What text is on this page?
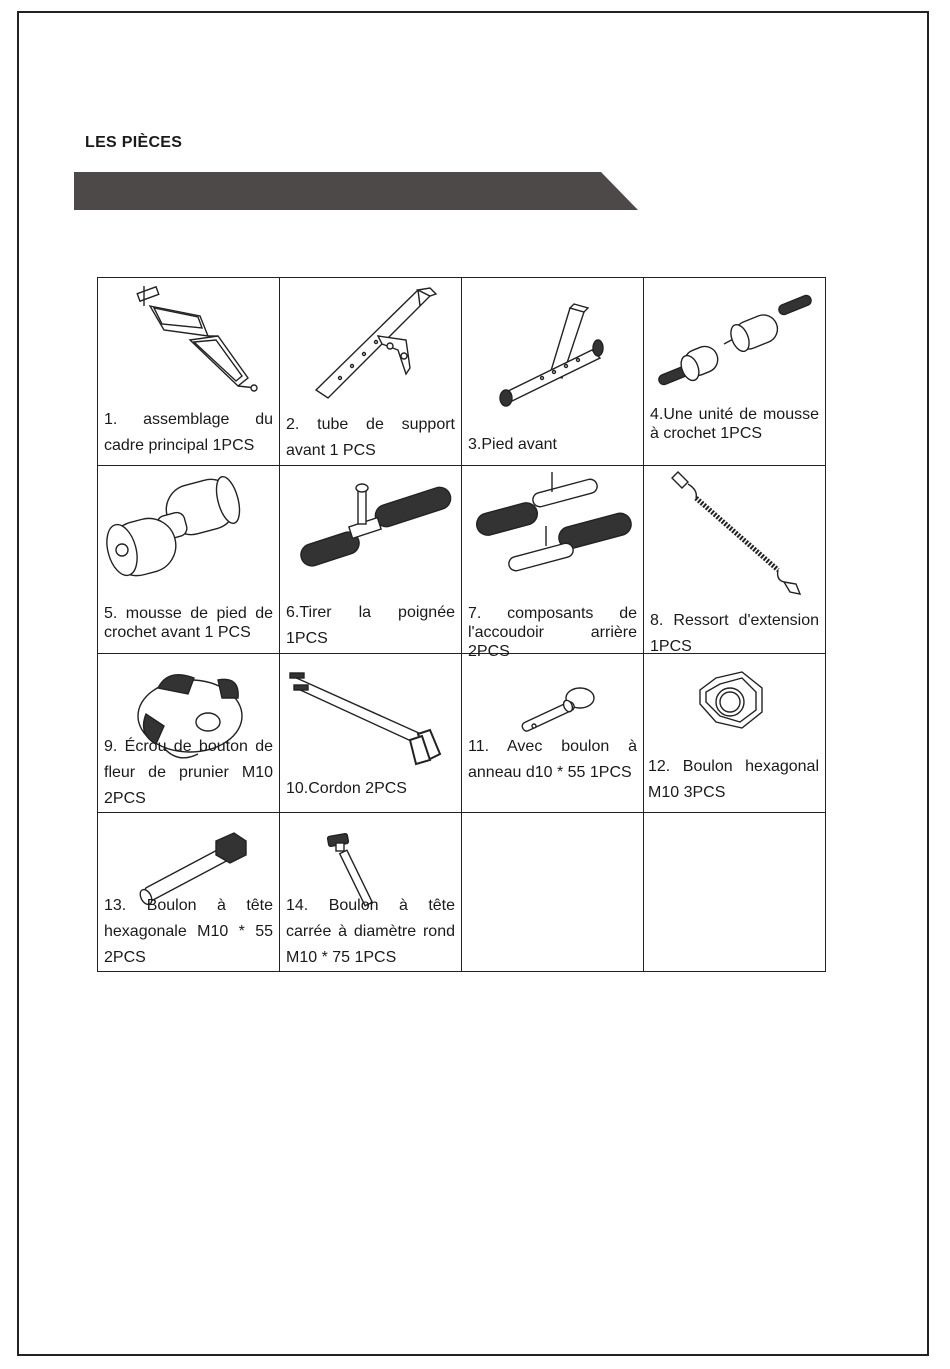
LES PIÈCES
1. assemblage du cadre principal 1PCS	2. tube de support avant 1 PCS	3.Pied avant	4.Une unité de mousse à crochet 1PCS

5. mousse de pied de crochet avant 1 PCS	6.Tirer la poignée 1PCS	7. composants de l'accoudoir arrière 2PCS	8. Ressort d'extension 1PCS

9. Écrou de bouton de fleur de prunier M10 2PCS	10.Cordon 2PCS	11. Avec boulon à anneau d10 * 55 1PCS	12. Boulon hexagonal M10 3PCS

13. Boulon à tête hexagonale M10 * 55 2PCS	14. Boulon à tête carrée à diamètre rond M10 * 75 1PCS		
